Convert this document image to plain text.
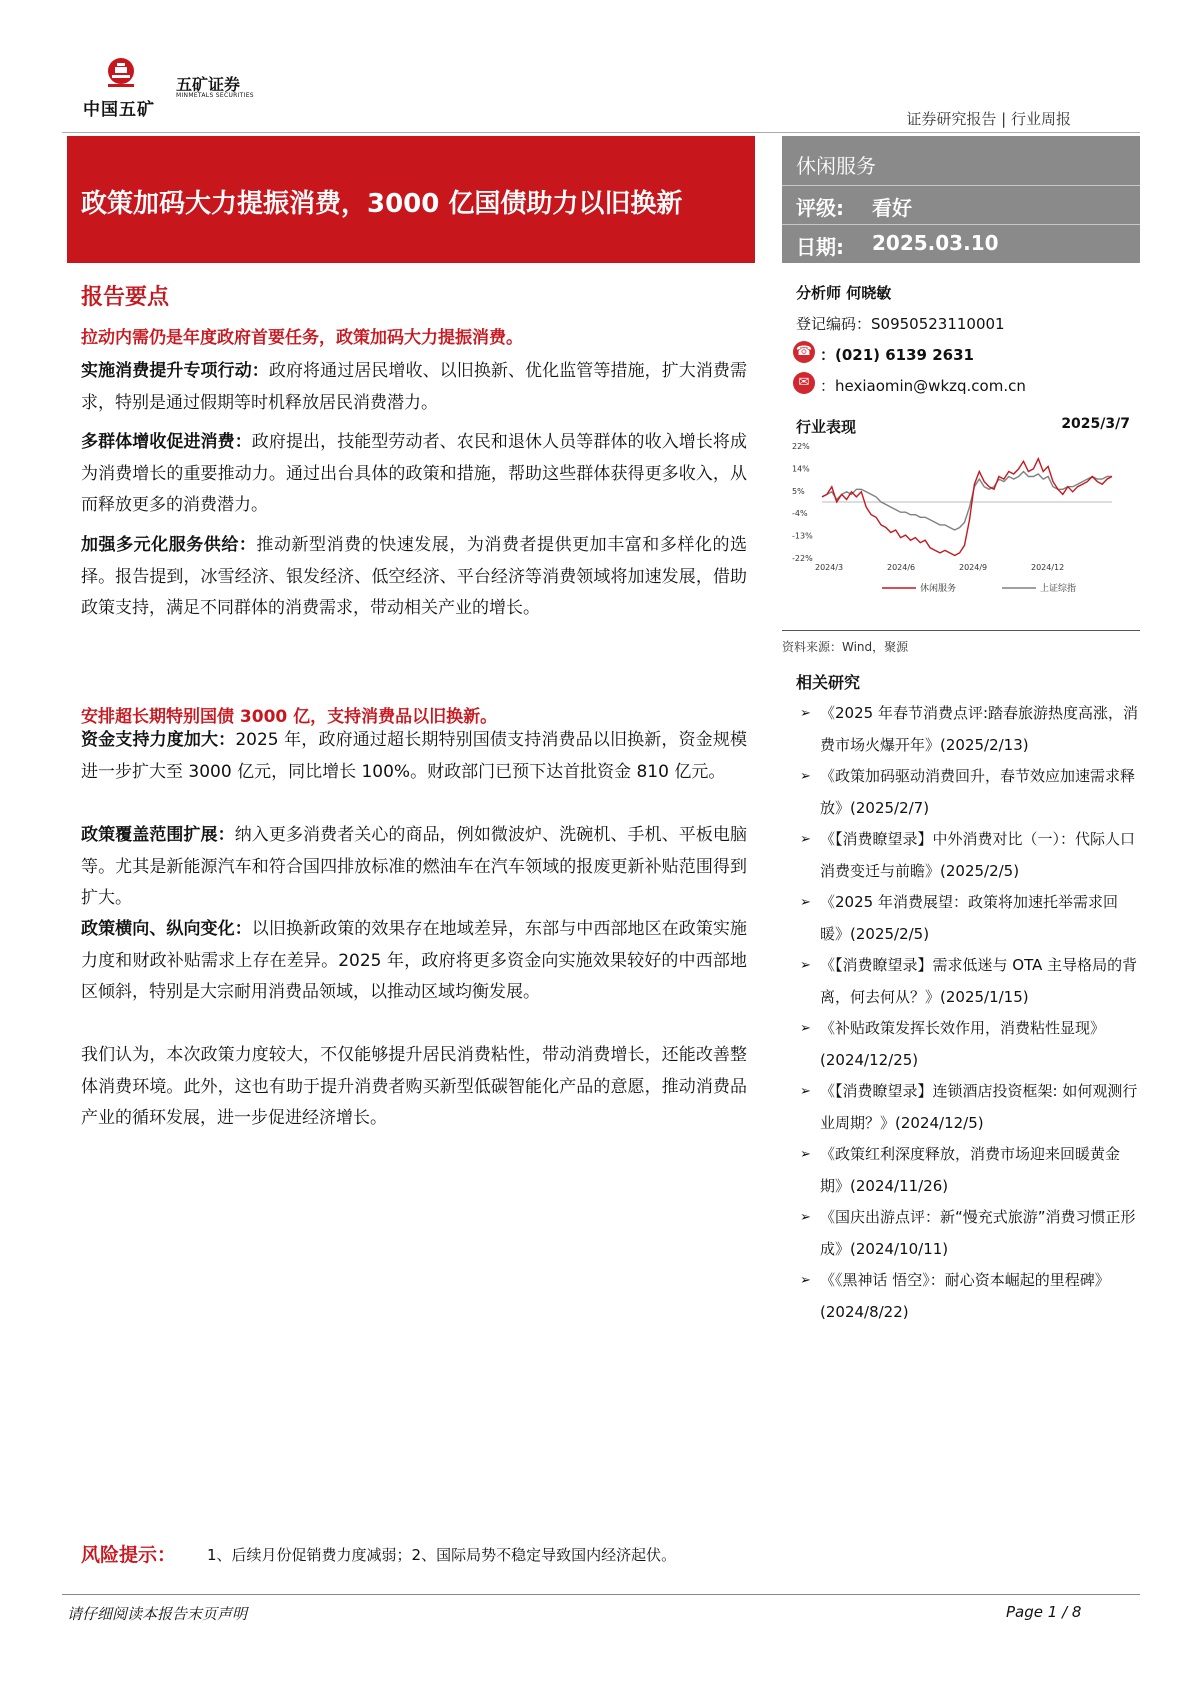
中国五矿
五矿证券
MINMETALS SECURITIES
证券研究报告 | 行业周报
政策加码大力提振消费，3000 亿国债助力以旧换新
休闲服务
评级: 看好
日期: 2025.03.10
报告要点
拉动内需仍是年度政府首要任务，政策加码大力提振消费。
实施消费提升专项行动：政府将通过居民增收、以旧换新、优化监管等措施，扩大消费需求，特别是通过假期等时机释放居民消费潜力。
多群体增收促进消费：政府提出，技能型劳动者、农民和退休人员等群体的收入增长将成为消费增长的重要推动力。通过出台具体的政策和措施，帮助这些群体获得更多收入，从而释放更多的消费潜力。
加强多元化服务供给：推动新型消费的快速发展，为消费者提供更加丰富和多样化的选择。报告提到，冰雪经济、银发经济、低空经济、平台经济等消费领域将加速发展，借助政策支持，满足不同群体的消费需求，带动相关产业的增长。
安排超长期特别国债 3000 亿，支持消费品以旧换新。
资金支持力度加大：2025 年，政府通过超长期特别国债支持消费品以旧换新，资金规模进一步扩大至 3000 亿元，同比增长 100%。财政部门已预下达首批资金 810 亿元。
政策覆盖范围扩展：纳入更多消费者关心的商品，例如微波炉、洗碗机、手机、平板电脑等。尤其是新能源汽车和符合国四排放标准的燃油车在汽车领域的报废更新补贴范围得到扩大。
政策横向、纵向变化：以旧换新政策的效果存在地域差异，东部与中西部地区在政策实施力度和财政补贴需求上存在差异。2025 年，政府将更多资金向实施效果较好的中西部地区倾斜，特别是大宗耐用消费品领域，以推动区域均衡发展。
我们认为，本次政策力度较大，不仅能够提升居民消费粘性，带动消费增长，还能改善整体消费环境。此外，这也有助于提升消费者购买新型低碳智能化产品的意愿，推动消费品产业的循环发展，进一步促进经济增长。
分析师 何晓敏
登记编码：S0950523110001
☎ ：(021) 6139 2631
✉ ：hexiaomin@wkzq.com.cn
行业表现	2025/3/7
22%
14%
5%
-4%
-13%
-22%
2024/3	2024/6	2024/9	2024/12
休闲服务	上证综指
资料来源：Wind，聚源
相关研究
➢ 《2025 年春节消费点评:踏春旅游热度高涨，消费市场火爆开年》(2025/2/13)
➢ 《政策加码驱动消费回升，春节效应加速需求释放》(2025/2/7)
➢ 《【消费瞭望录】中外消费对比（一）：代际人口消费变迁与前瞻》(2025/2/5)
➢ 《2025 年消费展望：政策将加速托举需求回暖》(2025/2/5)
➢ 《【消费瞭望录】需求低迷与 OTA 主导格局的背离，何去何从？》(2025/1/15)
➢ 《补贴政策发挥长效作用，消费粘性显现》(2024/12/25)
➢ 《【消费瞭望录】连锁酒店投资框架: 如何观测行业周期？》(2024/12/5)
➢ 《政策红利深度释放，消费市场迎来回暖黄金期》(2024/11/26)
➢ 《国庆出游点评：新“慢充式旅游”消费习惯正形成》(2024/10/11)
➢ 《《黑神话 悟空》：耐心资本崛起的里程碑》(2024/8/22)
风险提示： 1、后续月份促销费力度减弱；2、国际局势不稳定导致国内经济起伏。
请仔细阅读本报告末页声明	Page 1 / 8
